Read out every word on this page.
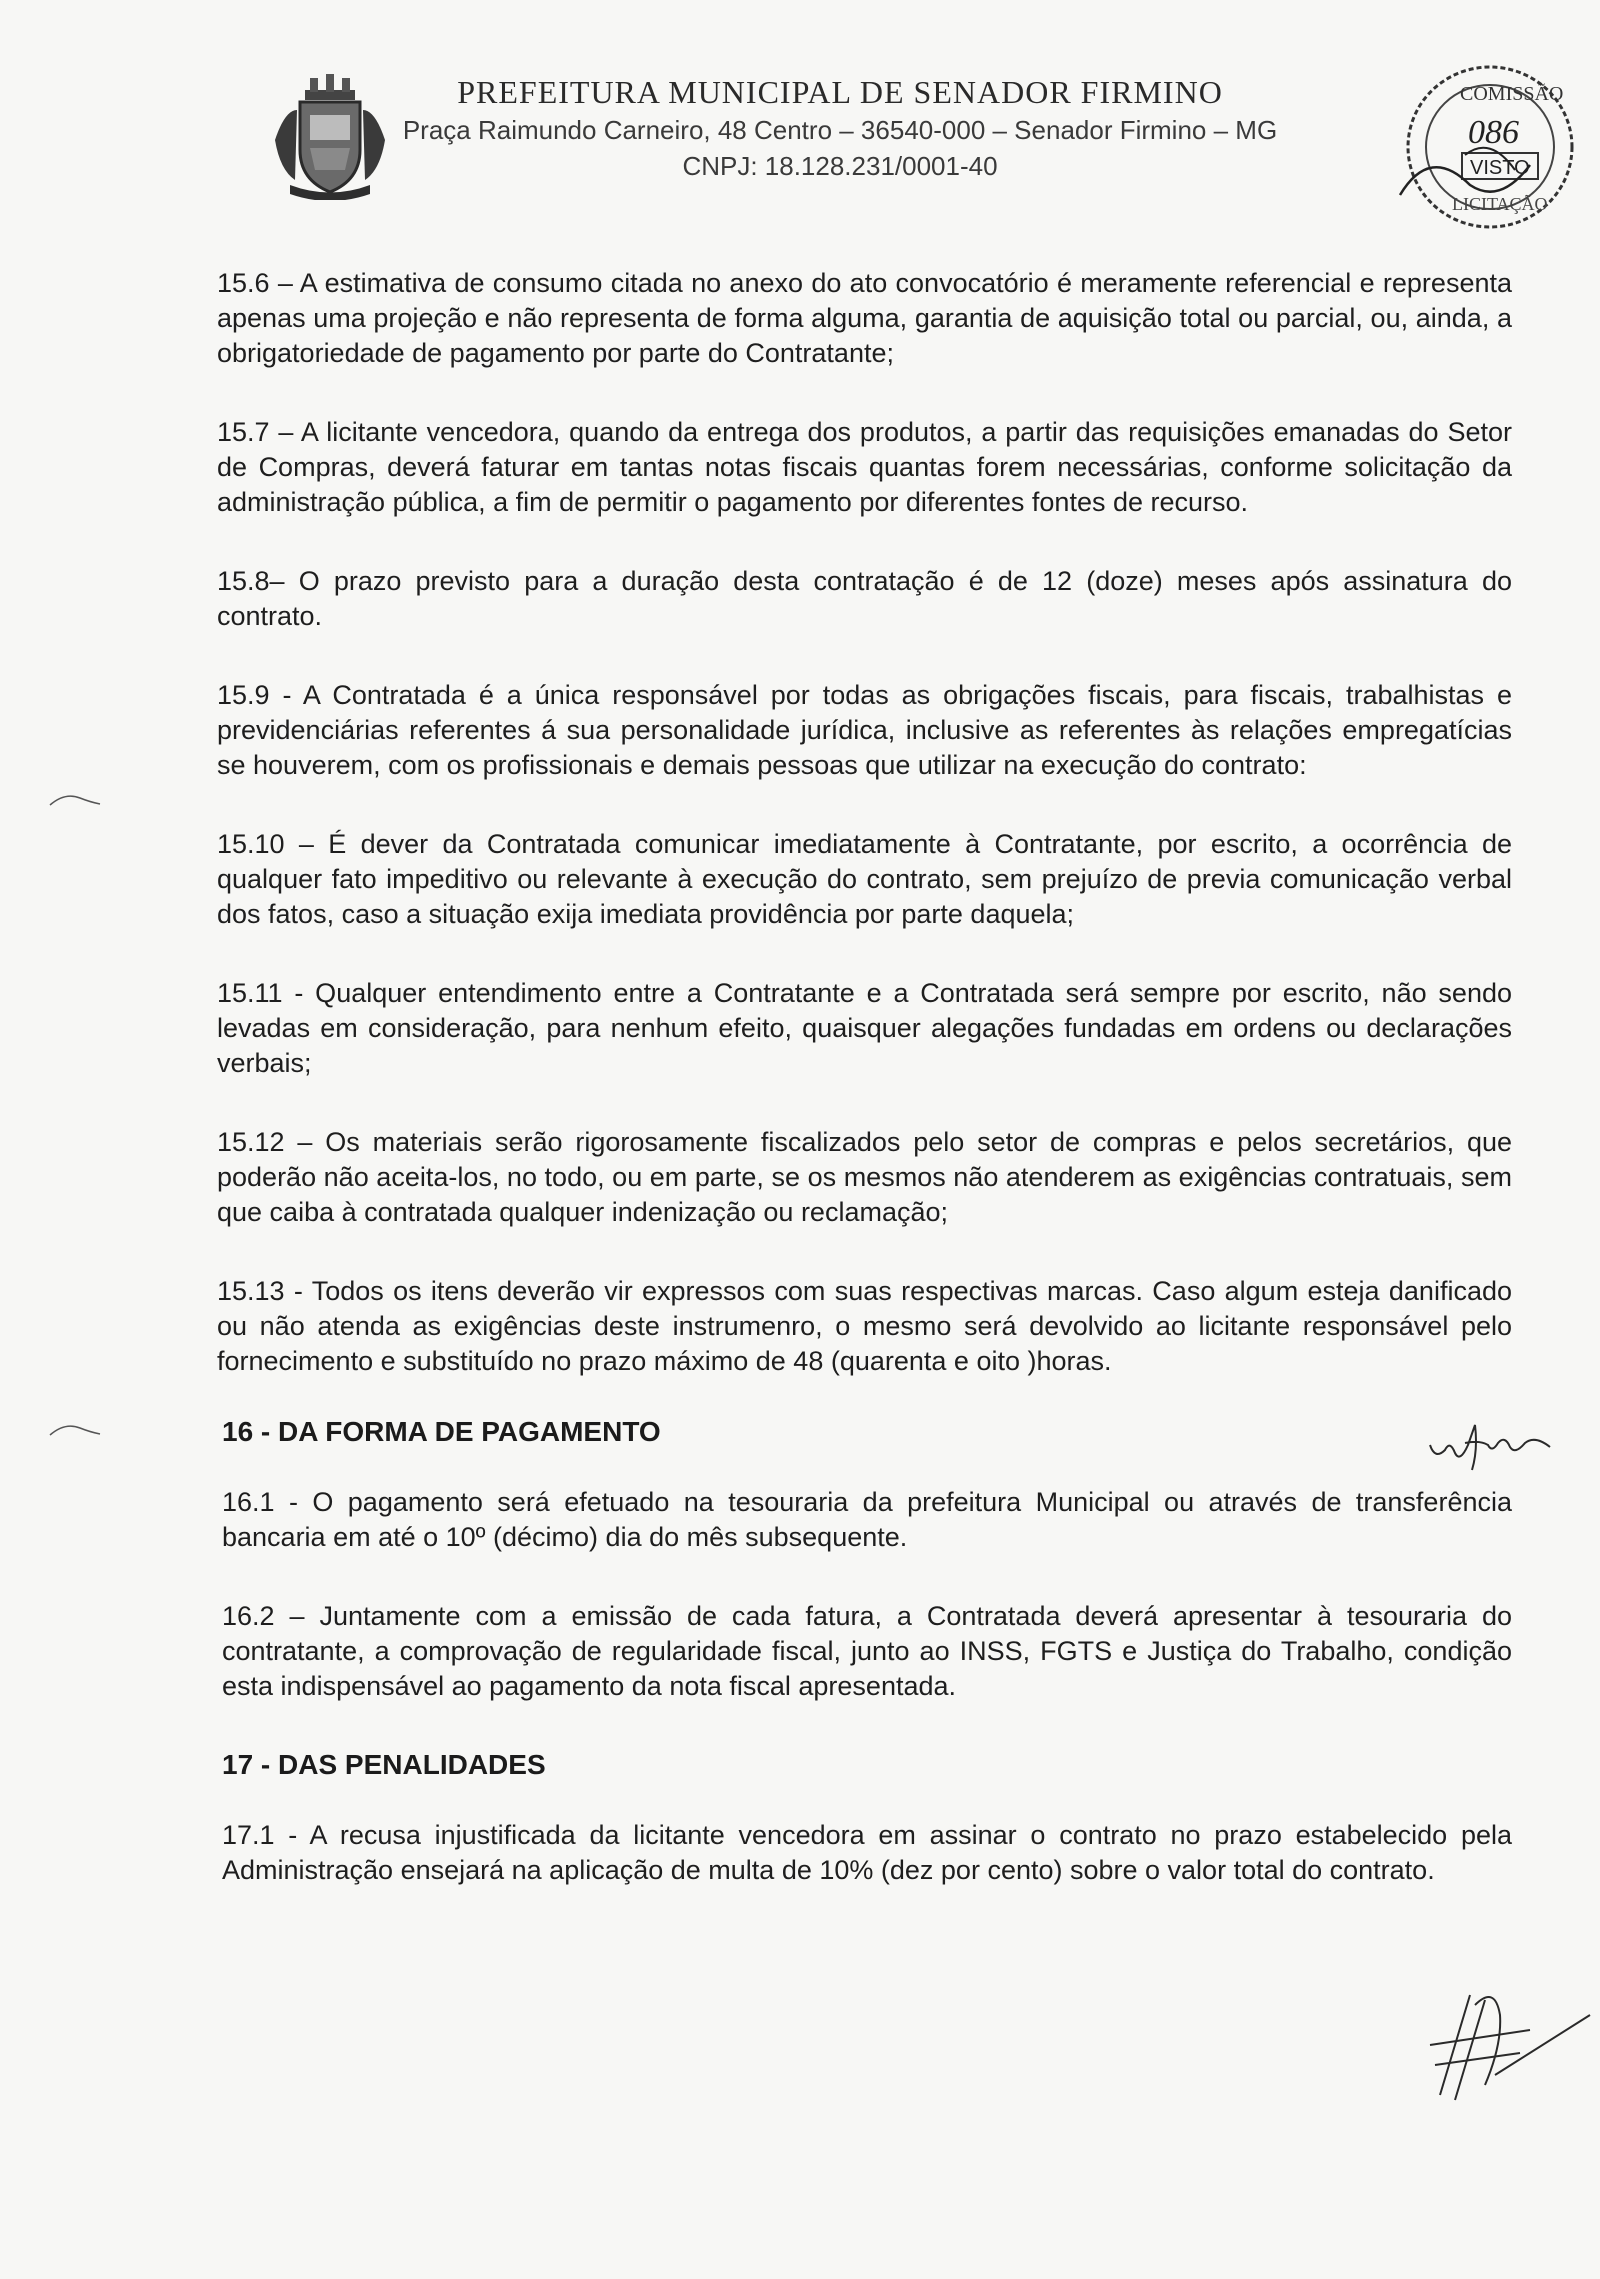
PREFEITURA MUNICIPAL DE SENADOR FIRMINO

Praça Raimundo Carneiro, 48 Centro – 36540-000 – Senador Firmino – MG

CNPJ: 18.128.231/0001-40

COMISSÃO
086
VISTO
LICITAÇÃO

15.6 – A estimativa de consumo citada no anexo do ato convocatório é meramente referencial e representa apenas uma projeção e não representa de forma alguma, garantia de aquisição total ou parcial, ou, ainda, a obrigatoriedade de pagamento por parte do Contratante;

15.7 – A licitante vencedora, quando da entrega dos produtos, a partir das requisições emanadas do Setor de Compras, deverá faturar em tantas notas fiscais quantas forem necessárias, conforme solicitação da administração pública, a fim de permitir o pagamento por diferentes fontes de recurso.

15.8– O prazo previsto para a duração desta contratação é de 12 (doze) meses após assinatura do contrato.

15.9 - A Contratada é a única responsável por todas as obrigações fiscais, para fiscais, trabalhistas e previdenciárias referentes á sua personalidade jurídica, inclusive as referentes às relações empregatícias se houverem, com os profissionais e demais pessoas que utilizar na execução do contrato:

15.10 – É dever da Contratada comunicar imediatamente à Contratante, por escrito, a ocorrência de qualquer fato impeditivo ou relevante à execução do contrato, sem prejuízo de previa comunicação verbal dos fatos, caso a situação exija imediata providência por parte daquela;

15.11 - Qualquer entendimento entre a Contratante e a Contratada será sempre por escrito, não sendo levadas em consideração, para nenhum efeito, quaisquer alegações fundadas em ordens ou declarações verbais;

15.12 – Os materiais serão rigorosamente fiscalizados pelo setor de compras e pelos secretários, que poderão não aceita-los, no todo, ou em parte, se os mesmos não atenderem as exigências contratuais, sem que caiba à contratada qualquer indenização ou reclamação;

15.13 - Todos os itens deverão vir expressos com suas respectivas marcas. Caso algum esteja danificado ou não atenda as exigências deste instrumenro, o mesmo será devolvido ao licitante responsável pelo fornecimento e substituído no prazo máximo de 48 (quarenta e oito )horas.

16 - DA FORMA DE PAGAMENTO

16.1 - O pagamento será efetuado na tesouraria da prefeitura Municipal ou através de transferência bancaria em até o 10º (décimo) dia do mês subsequente.

16.2 – Juntamente com a emissão de cada fatura, a Contratada deverá apresentar à tesouraria do contratante, a comprovação de regularidade fiscal, junto ao INSS, FGTS e Justiça do Trabalho, condição esta indispensável ao pagamento da nota fiscal apresentada.

17 - DAS PENALIDADES

17.1 - A recusa injustificada da licitante vencedora em assinar o contrato no prazo estabelecido pela Administração ensejará na aplicação de multa de 10% (dez por cento) sobre o valor total do contrato.
